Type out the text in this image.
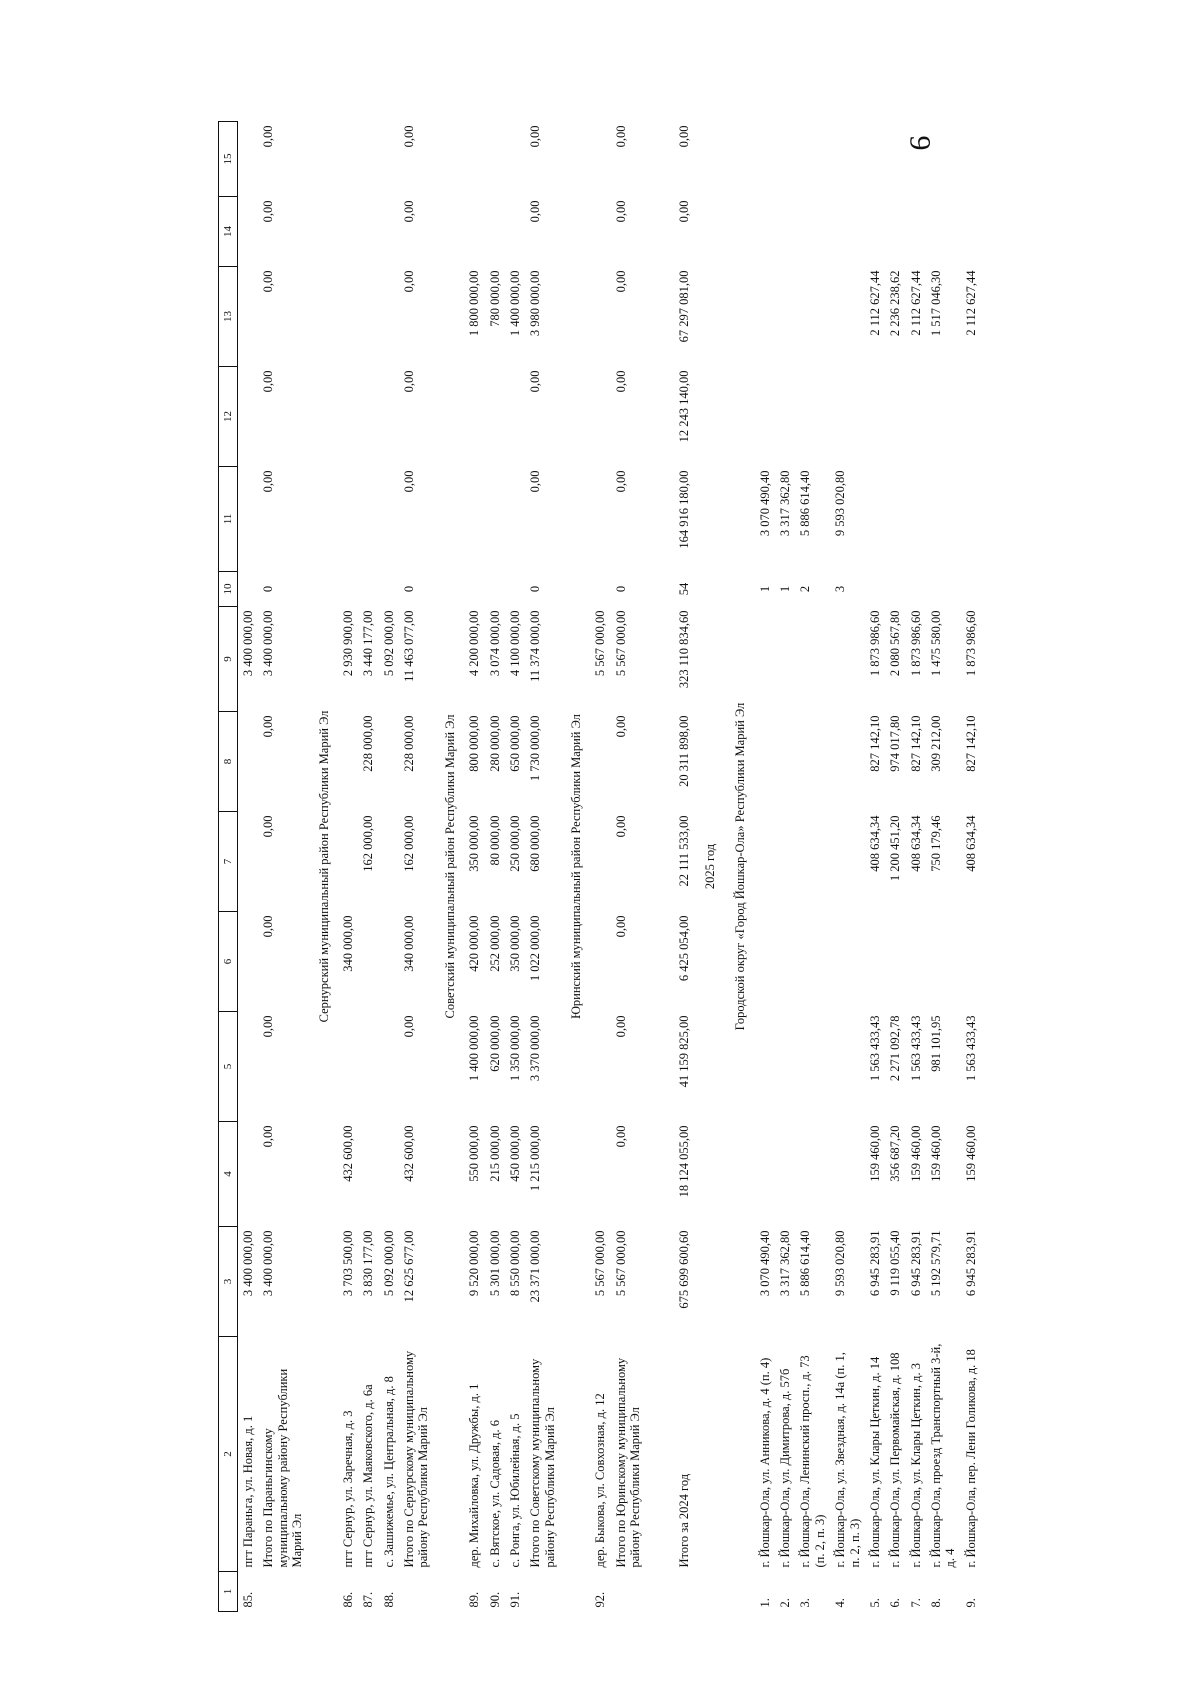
9
1	2	3	4	5	6	7	8	9	10	11	12	13	14	15
85.	пгт Параньга, ул. Новая, д. 1	3 400 000,00						3 400 000,00						
	Итого по Параньгинскому муниципальному району Республики Марий Эл	3 400 000,00	0,00	0,00	0,00	0,00	0,00	3 400 000,00	0	0,00	0,00	0,00	0,00	0,00
Сернурский муниципальный район Республики Марий Эл														
86.	пгт Сернур, ул. Заречная, д. 3	3 703 500,00	432 600,00		340 000,00			2 930 900,00						
87.	пгт Сернур, ул. Маяковского, д. 6а	3 830 177,00				162 000,00	228 000,00	3 440 177,00						
88.	с. Зашижемье, ул. Центральная, д. 8	5 092 000,00						5 092 000,00						
	Итого по Сернурскому муниципальному району Республики Марий Эл	12 625 677,00	432 600,00	0,00	340 000,00	162 000,00	228 000,00	11 463 077,00	0	0,00	0,00	0,00	0,00	0,00
Советский муниципальный район Республики Марий Эл														
89.	дер. Михайловка, ул. Дружбы, д. 1	9 520 000,00	550 000,00	1 400 000,00	420 000,00	350 000,00	800 000,00	4 200 000,00				1 800 000,00		
90.	с. Вятское, ул. Садовая, д. 6	5 301 000,00	215 000,00	620 000,00	252 000,00	80 000,00	280 000,00	3 074 000,00				780 000,00		
91.	с. Ронга, ул. Юбилейная, д. 5	8 550 000,00	450 000,00	1 350 000,00	350 000,00	250 000,00	650 000,00	4 100 000,00				1 400 000,00		
	Итого по Советскому муниципальному району Республики Марий Эл	23 371 000,00	1 215 000,00	3 370 000,00	1 022 000,00	680 000,00	1 730 000,00	11 374 000,00	0	0,00	0,00	3 980 000,00	0,00	0,00
Юринский муниципальный район Республики Марий Эл														
92.	дер. Быкова, ул. Совхозная, д. 12	5 567 000,00						5 567 000,00						
	Итого по Юринскому муниципальному району Республики Марий Эл	5 567 000,00	0,00	0,00	0,00	0,00	0,00	5 567 000,00	0	0,00	0,00	0,00	0,00	0,00

	Итого за 2024 год	675 699 600,60	18 124 055,00	41 159 825,00	6 425 054,00	22 111 533,00	20 311 898,00	323 110 834,60	54	164 916 180,00	12 243 140,00	67 297 081,00	0,00	0,00
2025 год														
Городской округ «Город Йошкар-Ола» Республики Марий Эл														
1.	г. Йошкар-Ола, ул. Анникова, д. 4 (п. 4)	3 070 490,40							1	3 070 490,40				
2.	г. Йошкар-Ола, ул. Димитрова, д. 57б	3 317 362,80							1	3 317 362,80				
3.	г. Йошкар-Ола, Ленинский просп., д. 73 (п. 2, п. 3)	5 886 614,40							2	5 886 614,40				
4.	г. Йошкар-Ола, ул. Звездная, д. 14а (п. 1, п. 2, п. 3)	9 593 020,80							3	9 593 020,80				
5.	г. Йошкар-Ола, ул. Клары Цеткин, д. 14	6 945 283,91	159 460,00	1 563 433,43		408 634,34	827 142,10	1 873 986,60				2 112 627,44		
6.	г. Йошкар-Ола, ул. Первомайская, д. 108	9 119 055,40	356 687,20	2 271 092,78		1 200 451,20	974 017,80	2 080 567,80				2 236 238,62		
7.	г. Йошкар-Ола, ул. Клары Цеткин, д. 3	6 945 283,91	159 460,00	1 563 433,43		408 634,34	827 142,10	1 873 986,60				2 112 627,44		
8.	г. Йошкар-Ола, проезд Транспортный 3-й, д. 4	5 192 579,71	159 460,00	981 101,95		750 179,46	309 212,00	1 475 580,00				1 517 046,30		
9.	г. Йошкар-Ола, пер. Лени Голикова, д. 18	6 945 283,91	159 460,00	1 563 433,43		408 634,34	827 142,10	1 873 986,60				2 112 627,44		
